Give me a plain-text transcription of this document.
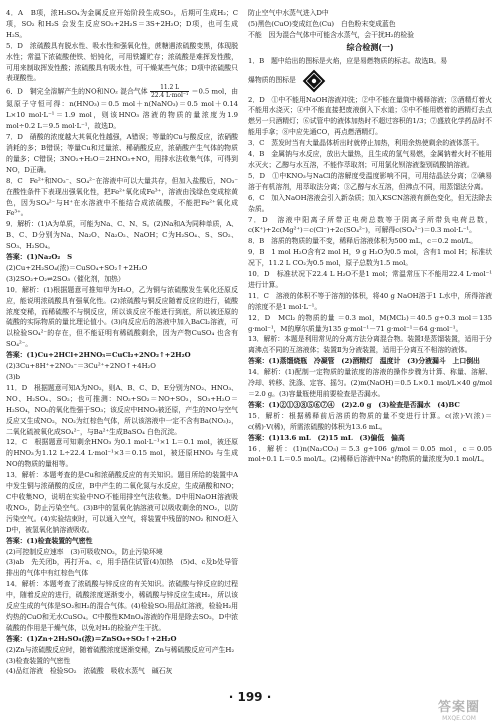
4．A　B项，浓H₂SO₄为金属反应开始阶段生成SO₂，后期可生成H₂；C项，SO₂ 和H₂S 会发生反应SO₂+2H₂S＝3S+2H₂O；D项，也可生成H₂S。

5．D　浓硫酸具有脱水性、吸水性和强氧化性，蔗糖遇浓硫酸变黑，体现脱水性；常温下浓硫酸使铁、铝钝化，可用铁罐贮存；浓硫酸是难挥发性酸，可用来制取挥发性酸；浓硫酸具有吸水性，可干燥某些气体；D项中浓硫酸只表现酸性。

6．D　铜完全溶解产生的NO和NO₂ 混合气体 $\frac{11.2 L}{\text{22.4 L·mol⁻¹}} =0.5$ mol，由氮原子守恒可得：n(HNO₃)＝0.5 mol＋n(NaNO₃)＝0.5 mol＋0.14 L×10 mol·L⁻¹＝1.9 mol，则该HNO₃ 溶液的物质的量浓度为1.9 mol÷0.2 L＝9.5 mol·L⁻¹，故选D。

7．D　硝酸的浓度越大其氧化性越强，A错误；等量的Cu与酸反应，浓硝酸消耗的多；B错误；等量Cu和过量浓、稀硝酸反应，浓硝酸产生气体的物质的量多；C错误；3NO₂+H₂O＝2HNO₃+NO，用排水法收集气体，可得到NO，D正确。

8．C　Fe²⁺和NO₃⁻、SO₄²⁻在溶液中可以大量共存，但加入盐酸后，NO₃⁻在酸性条件下表现出强氧化性，把Fe²⁺氧化成Fe³⁺，溶液由浅绿色变成棕黄色，因为SO₄²⁻与H⁺在水溶液中不能结合成浓硫酸，不能把Fe²⁺氧化成Fe³⁺。

9．解析：(1)A为单质，可能为Na、C、N、S。(2)Na和A为同种单质，A、B、C、D分别为Na、Na₂O、Na₂O₂、NaOH；C为H₂SO₄、S、SO₂、SO₃、H₂SO₄。

答案：(1)Na₂O₂　S

(2)Cu+2H₂SO₄(浓)＝CuSO₄+SO₂↑+2H₂O

(3)2SO₂+O₂⇌2SO₃（催化剂，加热）

10．解析：(1)根据题意可推知甲为H₂O，乙为铜与浓硫酸发生氧化还原反应，能说明浓硫酸具有强氧化性。(2)浓硫酸与铜反应随着反应的进行，硫酸浓度变稀，而稀硫酸不与铜反应，所以该反应不能进行到底，所以被还原的硫酸的实际物质的量比理论值小。(3)向反应后的溶液中加入BaCl₂溶液，可以检验SO₄²⁻的存在，但不能证明有稀硫酸剩余，因为产物CuSO₄ 也含有SO₄²⁻。

答案：(1)Cu+2HCl+2HNO₃＝CuCl₂+2NO₂↑+2H₂O

(2)3Cu+8H⁺+2NO₃⁻＝3Cu²⁺+2NO↑+4H₂O

(3)b

11．D　根据题意可知A为NO₂，则A、B、C、D、E分别为NO₂、HNO₃、NO、H₂SO₄、SO₂；也可推测：NO₂+SO₂＝NO+SO₃，SO₃+H₂O＝H₂SO₄，NO₂的氧化性强于SO₃；该反应中HNO₃被还原，产生的NO与空气反应又生成NO₂，NO₂为红棕色气体，所以该溶液中一定不含有Ba(NO₃)₂，二氧化硫被氧化成SO₄²⁻，与Ba²⁺生成BaSO₄ 白色沉淀。

12．C　根据题意可知剩余HNO₃ 为0.1 mol·L⁻¹×1 L＝0.1 mol，被还原的HNO₃为1.12 L÷22.4 L·mol⁻¹×3＝0.15 mol，被还原HNO₃ 与生成NO的物质的量相等。

13．解析：本题考查的是Cu和浓硝酸反应的有关知识。题目所给的装置中A中发生铜与浓硝酸的反应，B中产生的二氧化氮与水反应，生成硝酸和NO；C中收集NO，说明在实验中NO不能用排空气法收集。D中用NaOH溶液吸收NO₂，防止污染空气。(3)B中的氢氧化钠溶液可以吸收剩余的NO₂，以防污染空气。(4)实验结束时，可以通入空气，将装置中残留的NO₂ 和NO赶入D中，被氢氧化钠溶液吸收。

答案：(1)检查装置的气密性

(2)可控制反应速率　(3)可吸收NO₂，防止污染环境

(3)ab　先关闭b，再打开a、c，用手捂住试管(4)加热　(5)d、c及b处导管排出的气体中有红棕色气体

14．解析：本题考查了浓硫酸与锌反应的有关知识。浓硫酸与锌反应的过程中，随着反应的进行，硫酸浓度逐渐变小，稀硫酸与锌反应生成H₂，所以该反应生成的气体是SO₂和H₂的混合气体。(4)检验SO₂用品红溶液，检验H₂用灼热的CuO和无水CuSO₄。C中酸性KMnO₄溶液的作用是除去SO₂，D中浓硫酸的作用是干燥气体，以免对H₂的检验产生干扰。

答案：(1)Zn+2H₂SO₄(浓)＝ZnSO₄+SO₂↑+2H₂O

(2)Zn与浓硫酸反应时，随着硫酸浓度逐渐变稀，Zn与稀硫酸反应可产生H₂

(3)检查装置的气密性

(4)品红溶液　检验SO₂　浓硫酸　吸收水蒸气　碱石灰

防止空气中水蒸气进入D中

(5)黑色(CuO)变成红色(Cu)　白色粉末变成蓝色

不能　因为混合气体中可能含水蒸气，会干扰H₂的检验

综合检测(一)

1．B　题中给出的图标是火焰，应是易燃物质的标志。故选B。易

爆物质的图标是

2．D　①中不能用NaOH溶液冲洗；②中不能在量筒中稀释溶液；③酒精灯着火不能用水浇灭；④中不能直接把废液倒入下水道；⑤中不能用燃着的酒精灯去点燃另一只酒精灯；⑥试管中的液体加热时不超过容积的1/3；⑦盛放化学药品时不能用手拿；⑧中应先通CO，再点燃酒精灯。

3．C　蒸发时当有大量晶体析出时就停止加热，利用余热使剩余的液体蒸干。

4．B　金属钠与水反应，放出大量热，且生成的氢气易燃，金属钠着火时不能用水灭火；乙醇与水互溶，不能作萃取剂；可用氯化钡溶液鉴别硫酸钠溶液。

5．D　①中KNO₃与NaCl的溶解度受温度影响不同，可用结晶法分离；②碘易溶于有机溶剂，用萃取法分离；③乙醇与水互溶，但沸点不同，用蒸馏法分离。

6．C　加入NaOH溶液会引入新杂质；加入KSCN溶液有颜色变化，但无法除去杂质。

7．D　溶液中阳离子所带正电荷总数等于阴离子所带负电荷总数，c(K⁺)+2c(Mg²⁺)＝c(Cl⁻)+2c(SO₄²⁻)，可解得c(SO₄²⁻)＝0.3 mol·L⁻¹。

8．B　溶质的物质的量不变，稀释后溶液体积为500 mL，c＝0.2 mol/L。

9．B　1 mol H₂O含有2 mol H，9 g H₂O为0.5 mol，含有1 mol H；标准状况下，11.2 L CO₂为0.5 mol，原子总数为1.5 mol。

10．D　标准状况下22.4 L H₂O不是1 mol；常温常压下不能用22.4 L·mol⁻¹进行计算。

11．C　溶液的体积不等于溶剂的体积，将40 g NaOH溶于1 L水中，所得溶液的浓度不是1 mol·L⁻¹。

12．D　MCl₂ 的物质的量 ＝0.3 mol，M(MCl₂)＝40.5 g÷0.3 mol＝135 g·mol⁻¹，M的摩尔质量为135 g·mol⁻¹－71 g·mol⁻¹＝64 g·mol⁻¹。

13．解析：本题是利用常见的分离方法分离混合物。装置Ⅰ是蒸馏装置，适用于分离沸点不同的互溶液体；装置Ⅱ为分液装置，适用于分离互不相溶的液体。

答案：(1)蒸馏烧瓶　冷凝管　(2)酒精灯　温度计　(3)分液漏斗　上口倒出

14．解析：(1)配制一定物质的量浓度的溶液的操作步骤为计算、称量、溶解、冷却、转移、洗涤、定容、摇匀。(2)m(NaOH)＝0.5 L×0.1 mol/L×40 g/mol＝2.0 g。(3)容量瓶使用前要检查是否漏水。

答案：(1)②①③⑧⑤⑥⑦④　(2)2.0 g　(3)检查是否漏水　(4)BC

15．解析：根据稀释前后溶质的物质的量不变进行计算。c(浓)·V(浓)＝c(稀)·V(稀)，所需浓硫酸的体积为13.6 mL。

答案：(1)13.6 mL　(2)15 mL　(3)偏低　偏高

16．解析：(1)n(Na₂CO₃)＝5.3 g÷106 g/mol＝0.05 mol，c＝0.05 mol÷0.1 L＝0.5 mol/L。(2)稀释后溶液中Na⁺的物质的量浓度为0.1 mol/L。

· 199 ·
答案圈
MXQE.COM
